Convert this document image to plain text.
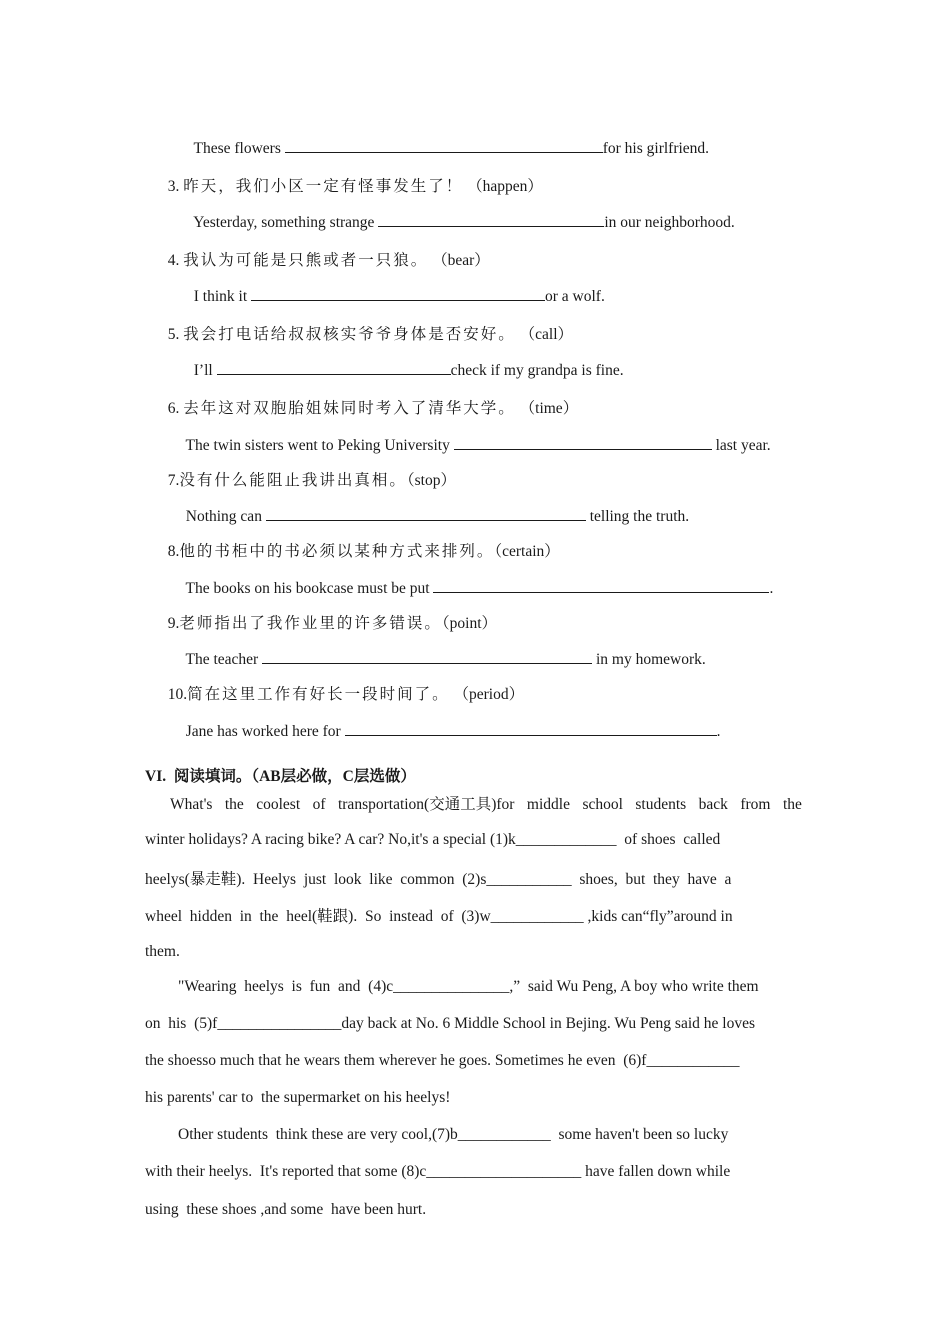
These flowers	for his girlfriend.

3. 昨天，我们小区一定有怪事发生了！ （happen）

Yesterday, something strange	in our neighborhood.

4. 我认为可能是只熊或者一只狼。 （bear）

I think it	or a wolf.

5. 我会打电话给叔叔核实爷爷身体是否安好。 （call）

I’ll	check if my grandpa is fine.

6. 去年这对双胞胎姐妹同时考入了清华大学。 （time）

The twin sisters went to Peking University	last year.

7.没有什么能阻止我讲出真相。（stop）

Nothing can	telling the truth.

8.他的书柜中的书必须以某种方式来排列。（certain）

The books on his bookcase must be put	.

9.老师指出了我作业里的许多错误。（point）

The teacher	in my homework.

10.简在这里工作有好长一段时间了。 （period）

Jane has worked here for	.

VI.  阅读填词。（AB层必做，C层选做）
What's the coolest of transportation(交通工具)for middle school students back from the
winter holidays? A racing bike? A car? No,it's a special (1)k_____________  of shoes  called
heelys(暴走鞋).  Heelys  just  look  like  common  (2)s___________  shoes,  but  they  have  a
wheel  hidden  in  the  heel(鞋跟).  So  instead  of  (3)w____________ ,kids can“fly”around in
them.
"Wearing  heelys  is  fun  and  (4)c_______________,”  said Wu Peng, A boy who write them
on  his  (5)f________________day back at No. 6 Middle School in Bejing. Wu Peng said he loves
the shoesso much that he wears them wherever he goes. Sometimes he even  (6)f____________
his parents' car to  the supermarket on his heelys!
Other students  think these are very cool,(7)b____________  some haven't been so lucky
with their heelys.  It's reported that some (8)c____________________ have fallen down while
using  these shoes ,and some  have been hurt.
